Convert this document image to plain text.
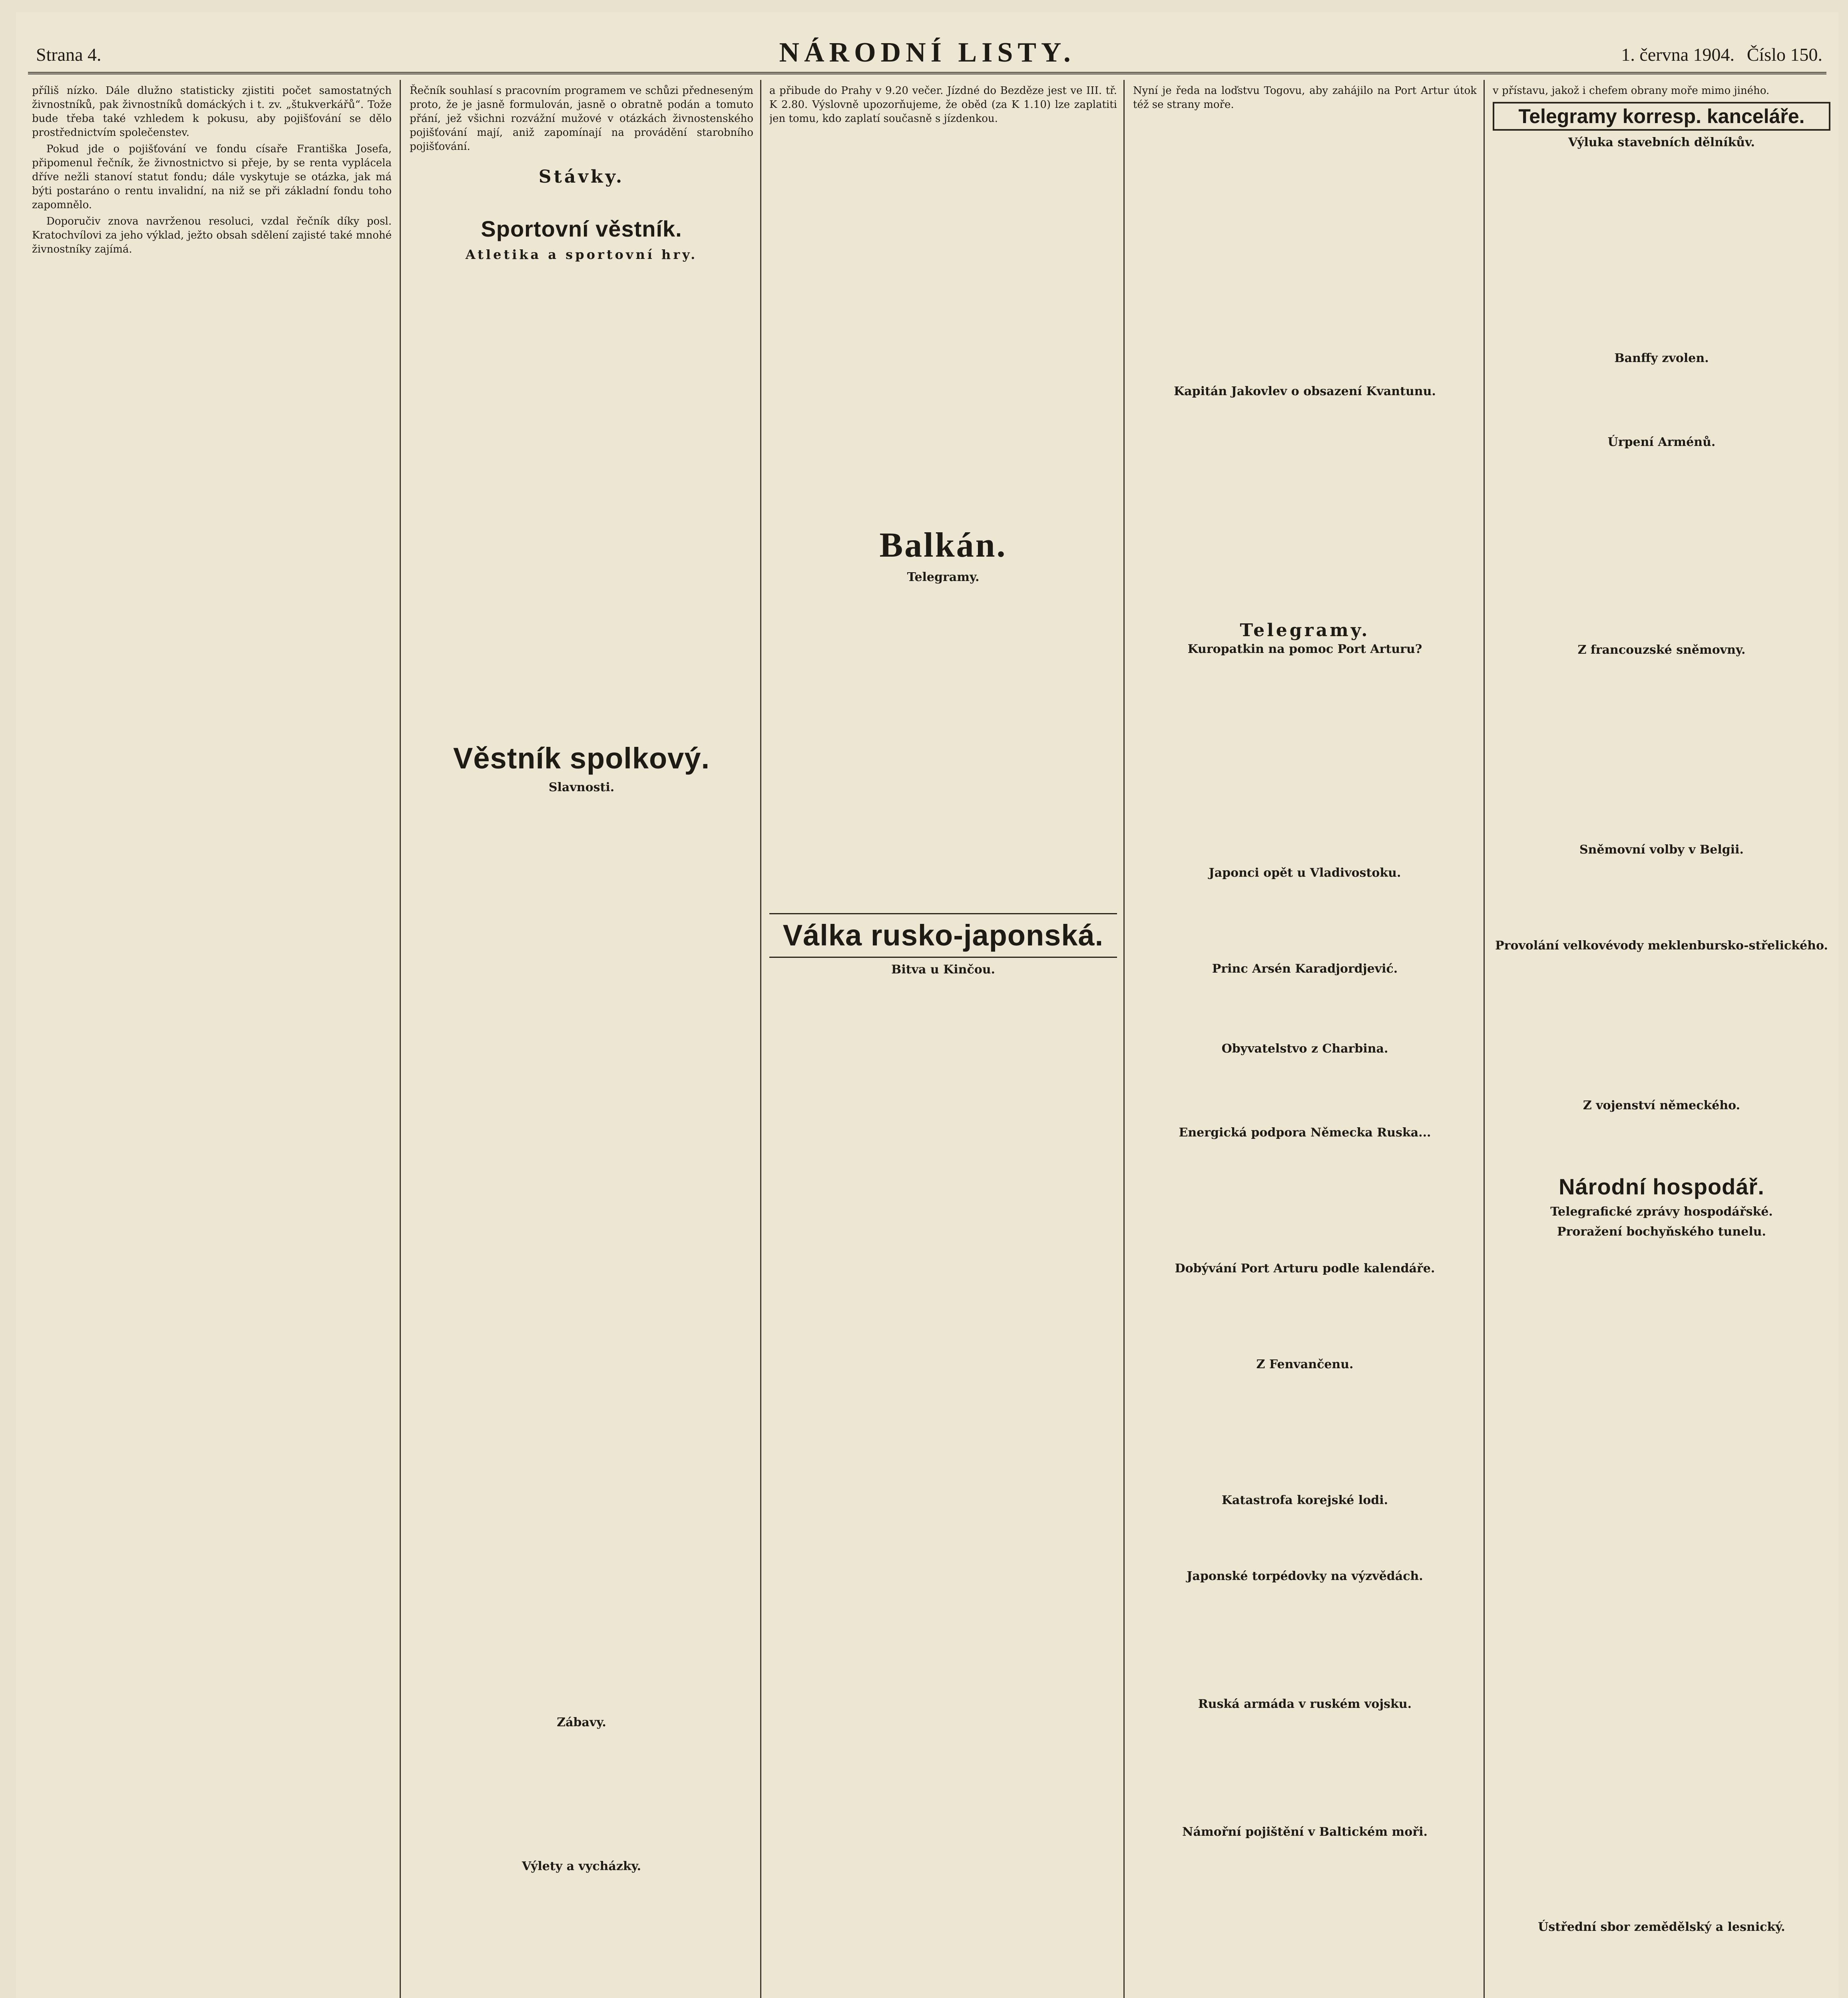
Strana 4.	NÁRODNÍ LISTY.	1. června 1904. Číslo 150.

příliš nízko. Dále dlužno statisticky zjistiti počet samostatných živnostníků, pak živnostníků domáckých i t. zv. „štukverkářů“. Tože bude třeba také vzhledem k pokusu, aby pojišťování se dělo prostřednictvím společenstev.

Pokud jde o pojišťování ve fondu císaře Františka Josefa, připomenul řečník, že živnostnictvo si přeje, by se renta vyplácela dříve nežli stanoví statut fondu; dále vyskytuje se otázka, jak má býti postaráno o rentu invalidní, na niž se při základní fondu toho zapomnělo.

Doporučiv znova navrženou resoluci, vzdal řečník díky posl. Kratochvílovi za jeho výklad, ježto obsah sdělení zajisté také mnohé živnostníky zajímá.

Řečník souhlasí s pracovním programem ve schůzi předneseným proto, že je jasně formulován, jasně o obratně podán a tomuto přání, jež všichni rozvážní mužové v otázkách živnostenského pojišťování mají, aniž zapomínají na provádění starobního pojišťování.

Stávky.
Sportovní věstník.
Atletika a sportovní hry.
Věstník spolkový.
Slavnosti.
Zábavy.
Výlety a vycházky.

a přibude do Prahy v 9.20 večer. Jízdné do Bezděze jest ve III. tř. K 2.80. Výslovně upozorňujeme, že oběd (za K 1.10) lze zaplatiti jen tomu, kdo zaplatí současně s jízdenkou.

Balkán.
Telegramy.
Válka rusko-japonská.
Bitva u Kinčou.

Nyní je ředa na loďstvu Togovu, aby zahájilo na Port Artur útok též se strany moře.

Kapitán Jakovlev o obsazení Kvantunu.
Telegramy.
Kuropatkin na pomoc Port Arturu?
Japonci opět u Vladivostoku.
Princ Arsén Karadjordjević.
Obyvatelstvo z Charbina.
Energická podpora Německa Ruska...
Dobývání Port Arturu podle kalendáře.
Z Fenvančenu.
Katastrofa korejské lodi.
Japonské torpédovky na výzvědách.
Ruská armáda v ruském vojsku.
Námořní pojištění v Baltickém moři.

v přístavu, jakož i chefem obrany moře mimo jiného.

Telegramy korresp. kanceláře.
Výluka stavebních dělníkův.
Banffy zvolen.
Úrpení Arménů.
Z francouzské sněmovny.
Sněmovní volby v Belgii.
Provolání velkovévody meklenbursko-střelického.
Z vojenství německého.
Národní hospodář.
Telegrafické zprávy hospodářské.
Proražení bochyňského tunelu.
Ústřední sbor zemědělský a lesnický.
